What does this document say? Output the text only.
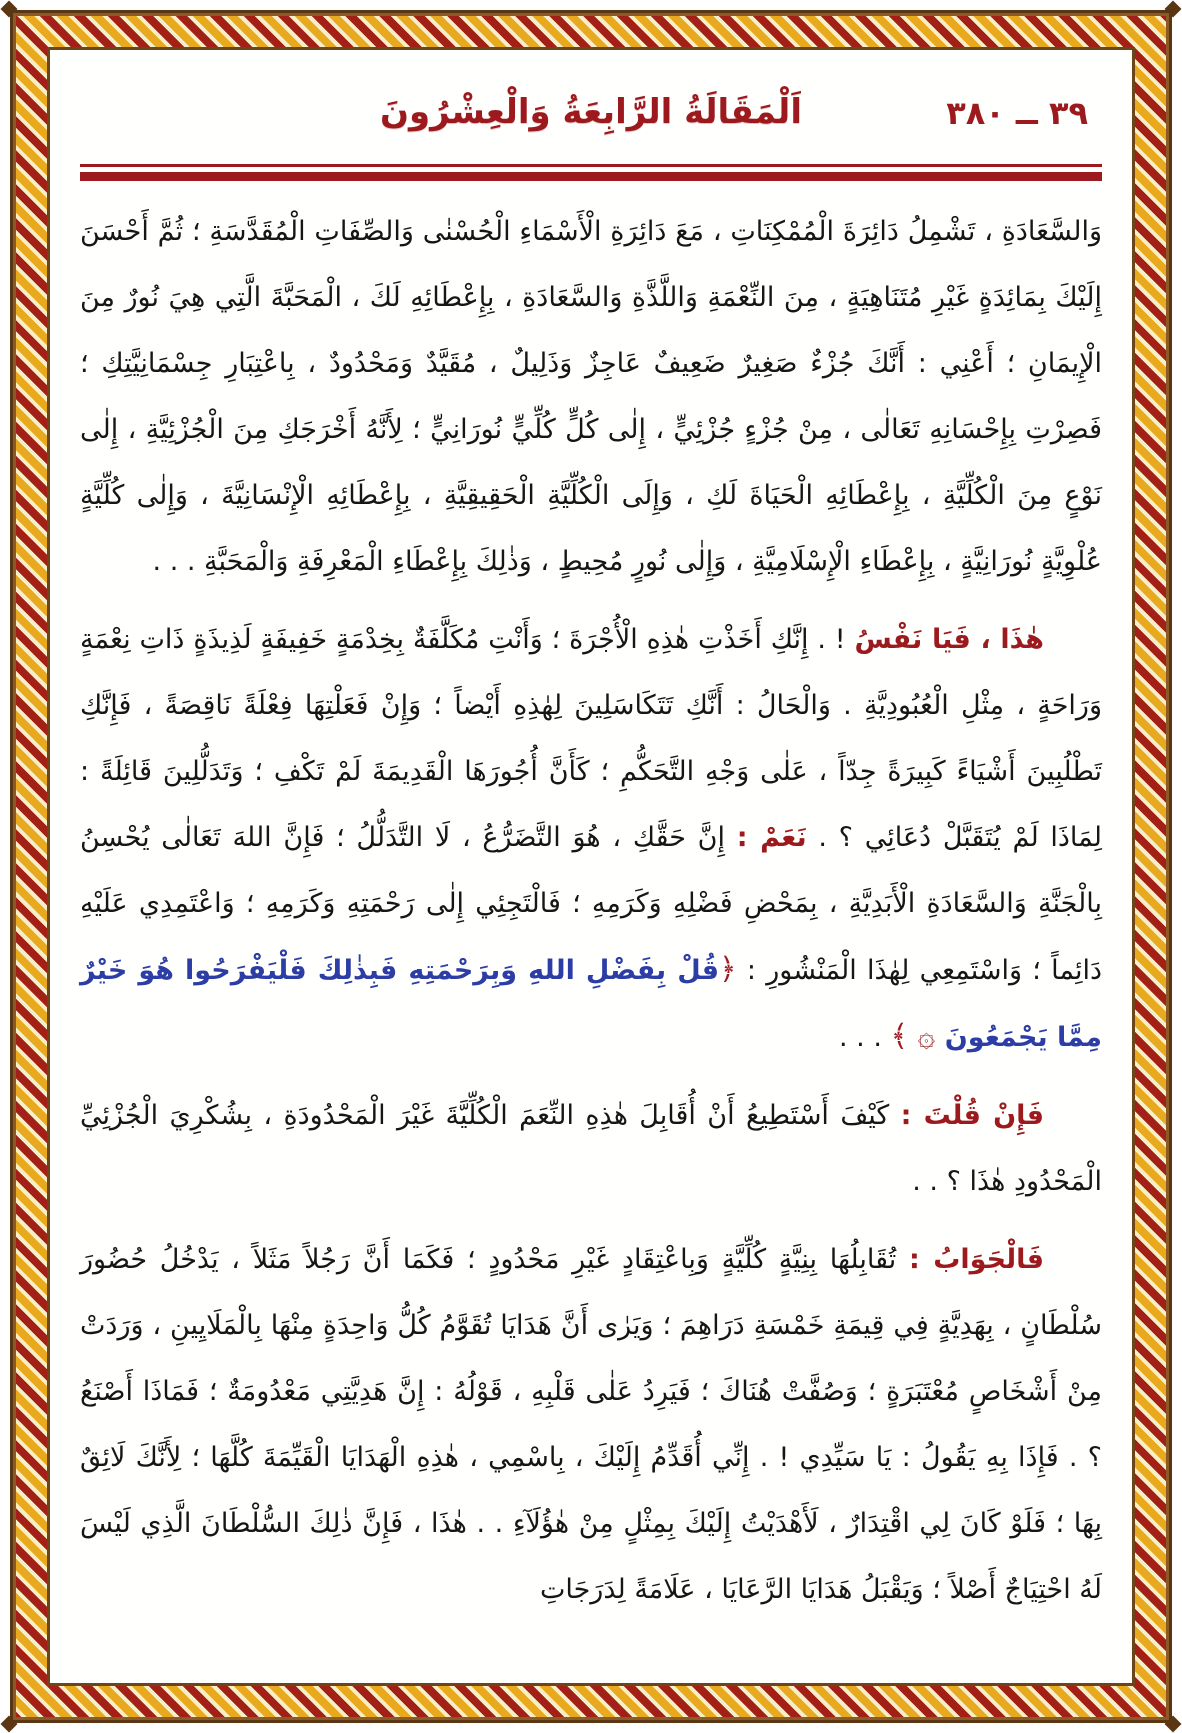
٣٩ ــ ٣٨٠
اَلْمَقَالَةُ الرَّابِعَةُ وَالْعِشْرُونَ

وَالسَّعَادَةِ ، تَشْمِلُ دَائِرَةَ الْمُمْكِنَاتِ ، مَعَ دَائِرَةِ الْأَسْمَاءِ الْحُسْنٰى وَالصِّفَاتِ الْمُقَدَّسَةِ ؛ ثُمَّ أَحْسَنَ إِلَيْكَ بِمَائِدَةٍ غَيْرِ مُتَنَاهِيَةٍ ، مِنَ النِّعْمَةِ وَاللَّذَّةِ وَالسَّعَادَةِ ، بِإِعْطَائِهِ لَكَ ، الْمَحَبَّةَ الَّتِي هِيَ نُورٌ مِنَ الْإِيمَانِ ؛ أَعْنِي : أَنَّكَ جُزْءٌ صَغِيرٌ ضَعِيفٌ عَاجِزٌ وَذَلِيلٌ ، مُقَيَّدٌ وَمَحْدُودٌ ، بِاعْتِبَارِ جِسْمَانِيَّتِكِ ؛ فَصِرْتِ بِإِحْسَانِهِ تَعَالٰى ، مِنْ جُزْءٍ جُزْئِيٍّ ، إِلٰى كُلٍّ كُلِّيٍّ نُورَانِيٍّ ؛ لِأَنَّهُ أَخْرَجَكِ مِنَ الْجُزْئِيَّةِ ، إِلٰى نَوْعٍ مِنَ الْكُلِّيَّةِ ، بِإِعْطَائِهِ الْحَيَاةَ لَكِ ، وَإِلَى الْكُلِّيَّةِ الْحَقِيقِيَّةِ ، بِإِعْطَائِهِ الْإِنْسَانِيَّةَ ، وَإِلٰى كُلِّيَّةٍ عُلْوِيَّةٍ نُورَانِيَّةٍ ، بِإِعْطَاءِ الْإِسْلَامِيَّةِ ، وَإِلٰى نُورٍ مُحِيطٍ ، وَذٰلِكَ بِإِعْطَاءِ الْمَعْرِفَةِ وَالْمَحَبَّةِ . . .

هٰذَا ، فَيَا نَفْسُ ! . إِنَّكِ أَخَذْتِ هٰذِهِ الْأُجْرَةَ ؛ وَأَنْتِ مُكَلَّفَةٌ بِخِدْمَةٍ خَفِيفَةٍ لَذِيذَةٍ ذَاتِ نِعْمَةٍ وَرَاحَةٍ ، مِثْلِ الْعُبُودِيَّةِ . وَالْحَالُ : أَنَّكِ تَتَكَاسَلِينَ لِهٰذِهِ أَيْضاً ؛ وَإِنْ فَعَلْتِهَا فِعْلَةً نَاقِصَةً ، فَإِنَّكِ تَطْلُبِينَ أَشْيَاءً كَبِيرَةً جِدّاً ، عَلٰى وَجْهِ التَّحَكُّمِ ؛ كَأَنَّ أُجُورَهَا الْقَدِيمَةَ لَمْ تَكْفِ ؛ وَتَدَلُّلِينَ قَائِلَةً : لِمَاذَا لَمْ يُتَقَبَّلْ دُعَائِي ؟ . نَعَمْ : إِنَّ حَقَّكِ ، هُوَ التَّضَرُّعُ ، لَا التَّدَلُّلُ ؛ فَإِنَّ اللهَ تَعَالٰى يُحْسِنُ بِالْجَنَّةِ وَالسَّعَادَةِ الْأَبَدِيَّةِ ، بِمَحْضِ فَضْلِهِ وَكَرَمِهِ ؛ فَالْتَجِئِي إِلٰى رَحْمَتِهِ وَكَرَمِهِ ؛ وَاعْتَمِدِي عَلَيْهِ دَائِماً ؛ وَاسْتَمِعِي لِهٰذَا الْمَنْشُورِ : ﴿قُلْ بِفَضْلِ اللهِ وَبِرَحْمَتِهِ فَبِذٰلِكَ فَلْيَفْرَحُوا هُوَ خَيْرٌ مِمَّا يَجْمَعُونَ ۞ ﴾ . . .

فَإِنْ قُلْتَ : كَيْفَ أَسْتَطِيعُ أَنْ أُقَابِلَ هٰذِهِ النِّعَمَ الْكُلِّيَّةَ غَيْرَ الْمَحْدُودَةِ ، بِشُكْرِيَ الْجُزْئِيِّ الْمَحْدُودِ هٰذَا ؟ . .

فَالْجَوَابُ : تُقَابِلُهَا بِنِيَّةٍ كُلِّيَّةٍ وَبِاعْتِقَادٍ غَيْرِ مَحْدُودٍ ؛ فَكَمَا أَنَّ رَجُلاً مَثَلاً ، يَدْخُلُ حُضُورَ سُلْطَانٍ ، بِهَدِيَّةٍ فِي قِيمَةِ خَمْسَةِ دَرَاهِمَ ؛ وَيَرٰى أَنَّ هَدَايَا تُقَوَّمُ كُلُّ وَاحِدَةٍ مِنْهَا بِالْمَلَايِينِ ، وَرَدَتْ مِنْ أَشْخَاصٍ مُعْتَبَرَةٍ ؛ وَصُفَّتْ هُنَاكَ ؛ فَيَرِدُ عَلٰى قَلْبِهِ ، قَوْلُهُ : إِنَّ هَدِيَّتِي مَعْدُومَةٌ ؛ فَمَاذَا أَصْنَعُ ؟ . فَإِذَا بِهِ يَقُولُ : يَا سَيِّدِي ! . إِنِّي أُقَدِّمُ إِلَيْكَ ، بِاسْمِي ، هٰذِهِ الْهَدَايَا الْقَيِّمَةَ كُلَّهَا ؛ لِأَنَّكَ لَائِقٌ بِهَا ؛ فَلَوْ كَانَ لِي اقْتِدَارٌ ، لَأَهْدَيْتُ إِلَيْكَ بِمِثْلٍ مِنْ هٰؤُلَآءِ . . هٰذَا ، فَإِنَّ ذٰلِكَ السُّلْطَانَ الَّذِي لَيْسَ لَهُ احْتِيَاجٌ أَصْلاً ؛ وَيَقْبَلُ هَدَايَا الرَّعَايَا ، عَلَامَةً لِدَرَجَاتِ
